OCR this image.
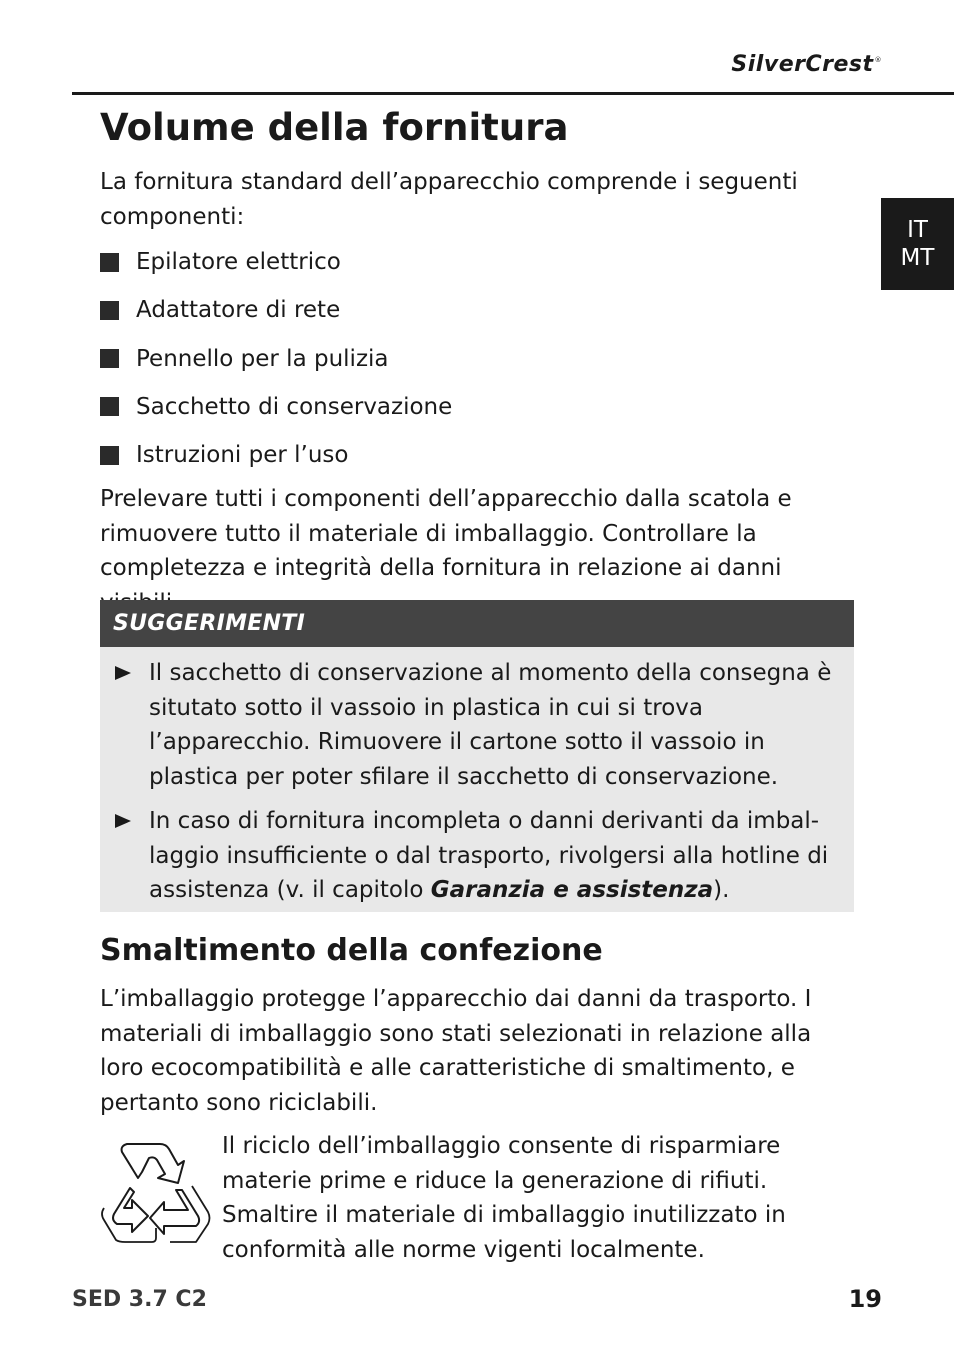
SilverCrest®
IT
MT
Volume della fornitura

La fornitura standard dell’apparecchio comprende i seguenti componenti:

Epilatore elettrico
Adattatore di rete
Pennello per la pulizia
Sacchetto di conservazione
Istruzioni per l’uso

Prelevare tutti i componenti dell’apparecchio dalla scatola e rimuovere tutto il materiale di imballaggio. Controllare la completezza e integrità della fornitura in relazione ai danni

SUGGERIMENTI

Il sacchetto di conservazione al momento della consegna è situtato sotto il vassoio in plastica in cui si trova l’apparecchio. Rimuovere il cartone sotto il vassoio in plastica per poter sfilare il sacchetto di conservazione.

In caso di fornitura incompleta o danni derivanti da imballaggio insufficiente o dal trasporto, rivolgersi alla hotline di assistenza (v. il capitolo Garanzia e assistenza).

Smaltimento della confezione

L’imballaggio protegge l’apparecchio dai danni da trasporto. I materiali di imballaggio sono stati selezionati in relazione alla loro ecocompatibilità e alle caratteristiche di smaltimento, e pertanto sono riciclabili.

Il riciclo dell’imballaggio consente di risparmiare materie prime e riduce la generazione di rifiuti. Smaltire il materiale di imballaggio inutilizzato in conformità alle norme vigenti localmente.

SED 3.7 C2	19
